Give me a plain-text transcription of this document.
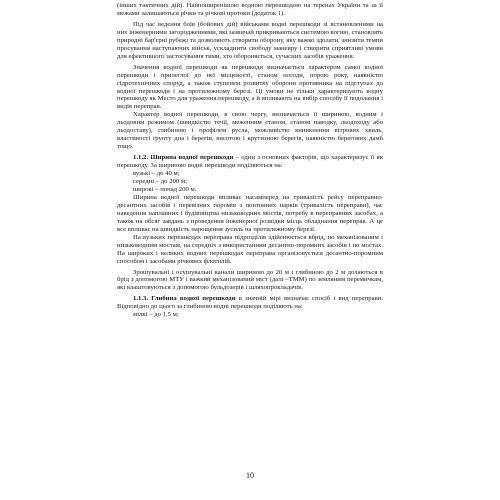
(інших тактичних дій). Найпоширенішою водною перешкодою на теренах України та за її межами залишаються річки та річкові протоки (додаток 1).

Під час ведення боїв (бойових дій) військами водні перешкоди зі встановленими на них інженерними загородженнями, які зазвичай прикриваються системою вогню, становлять природні бар'єрні рубежі та дозволяють створити оборону, яку важко здолати, знизити темпи просування наступаючих військ, ускладнити свободу маневру і створити сприятливі умови для ефективного застосування тими, хто обороняється, сучасних засобів ураження.

Значення водної перешкоди як перешкоди визначається характером самої водної перешкоди і прилеглої до неї місцевості, станом погоди, порою року, наявністю гідротехнічних споруд, а також ступенем розвитку оборони противника на підступах до водної перешкоди і на протилежному березі. Ці умови не тільки характеризують водну перешкоду як Место для ураження.перешкоду, а й впливають на вибір способу її подолання і видів переправ.

Характер водної перешкоди, в свою чергу, визначається її шириною, водним і льодовим режимом (швидкістю течії, меженним станом, станом паводку, льодоходу або льодоставу), глибиною і профілем русла, можливістю виникнення вітрових хвиль, властивості ґрунту дна і берегів, висотою і крутизною берегів, наявністю берегових дамб тощо.

1.1.2. Ширина водної перешкоди – один з основних факторів, що характеризує її як перешкоду. За шириною водні перешкоди поділяються на:

вузькі – до 40 м;

середні – до 200 м;

широкі – понад 200 м.

Ширина водної перешкоди впливає насамперед на тривалість рейсу переправно-десантних засобів і перевізних поромів з понтонних парків (тривалість переправи), час наведення наплавних і будівництва низьководних мостів, потребу в переправних засобах, а також на обсяг завдань з проведення інженерної розвідки місць обладнання переправ. А це все впливає на швидкість нарощення зусиль на протилежному березі.

На вузьких перешкодах переправа підрозділів здійснюється вбрід, по механізованим і низьководним мостам, на середніх з використанням десантно-поромних засобів і по мостах. На широких і великих водних перешкодах переправа організовується десантно-поромним способом і засобами річкових флотилій.

Зрошувальні і осушувальні канали шириною до 20 м і глибиною до 2 м долаються в брід з допомогою МТУ і важкий механізований міст (далі –ТММ) по земляним перемичкам, які влаштовуються з допомогою бульдозерів і шляхопрокладачів.

1.1.3. Глибина водної перешкоди в значній мірі визначає спосіб і вид переправи. Відповідно до цього за глибиною водні перешкоди поділяють на:

мілкі – до 1,5 м;

10
